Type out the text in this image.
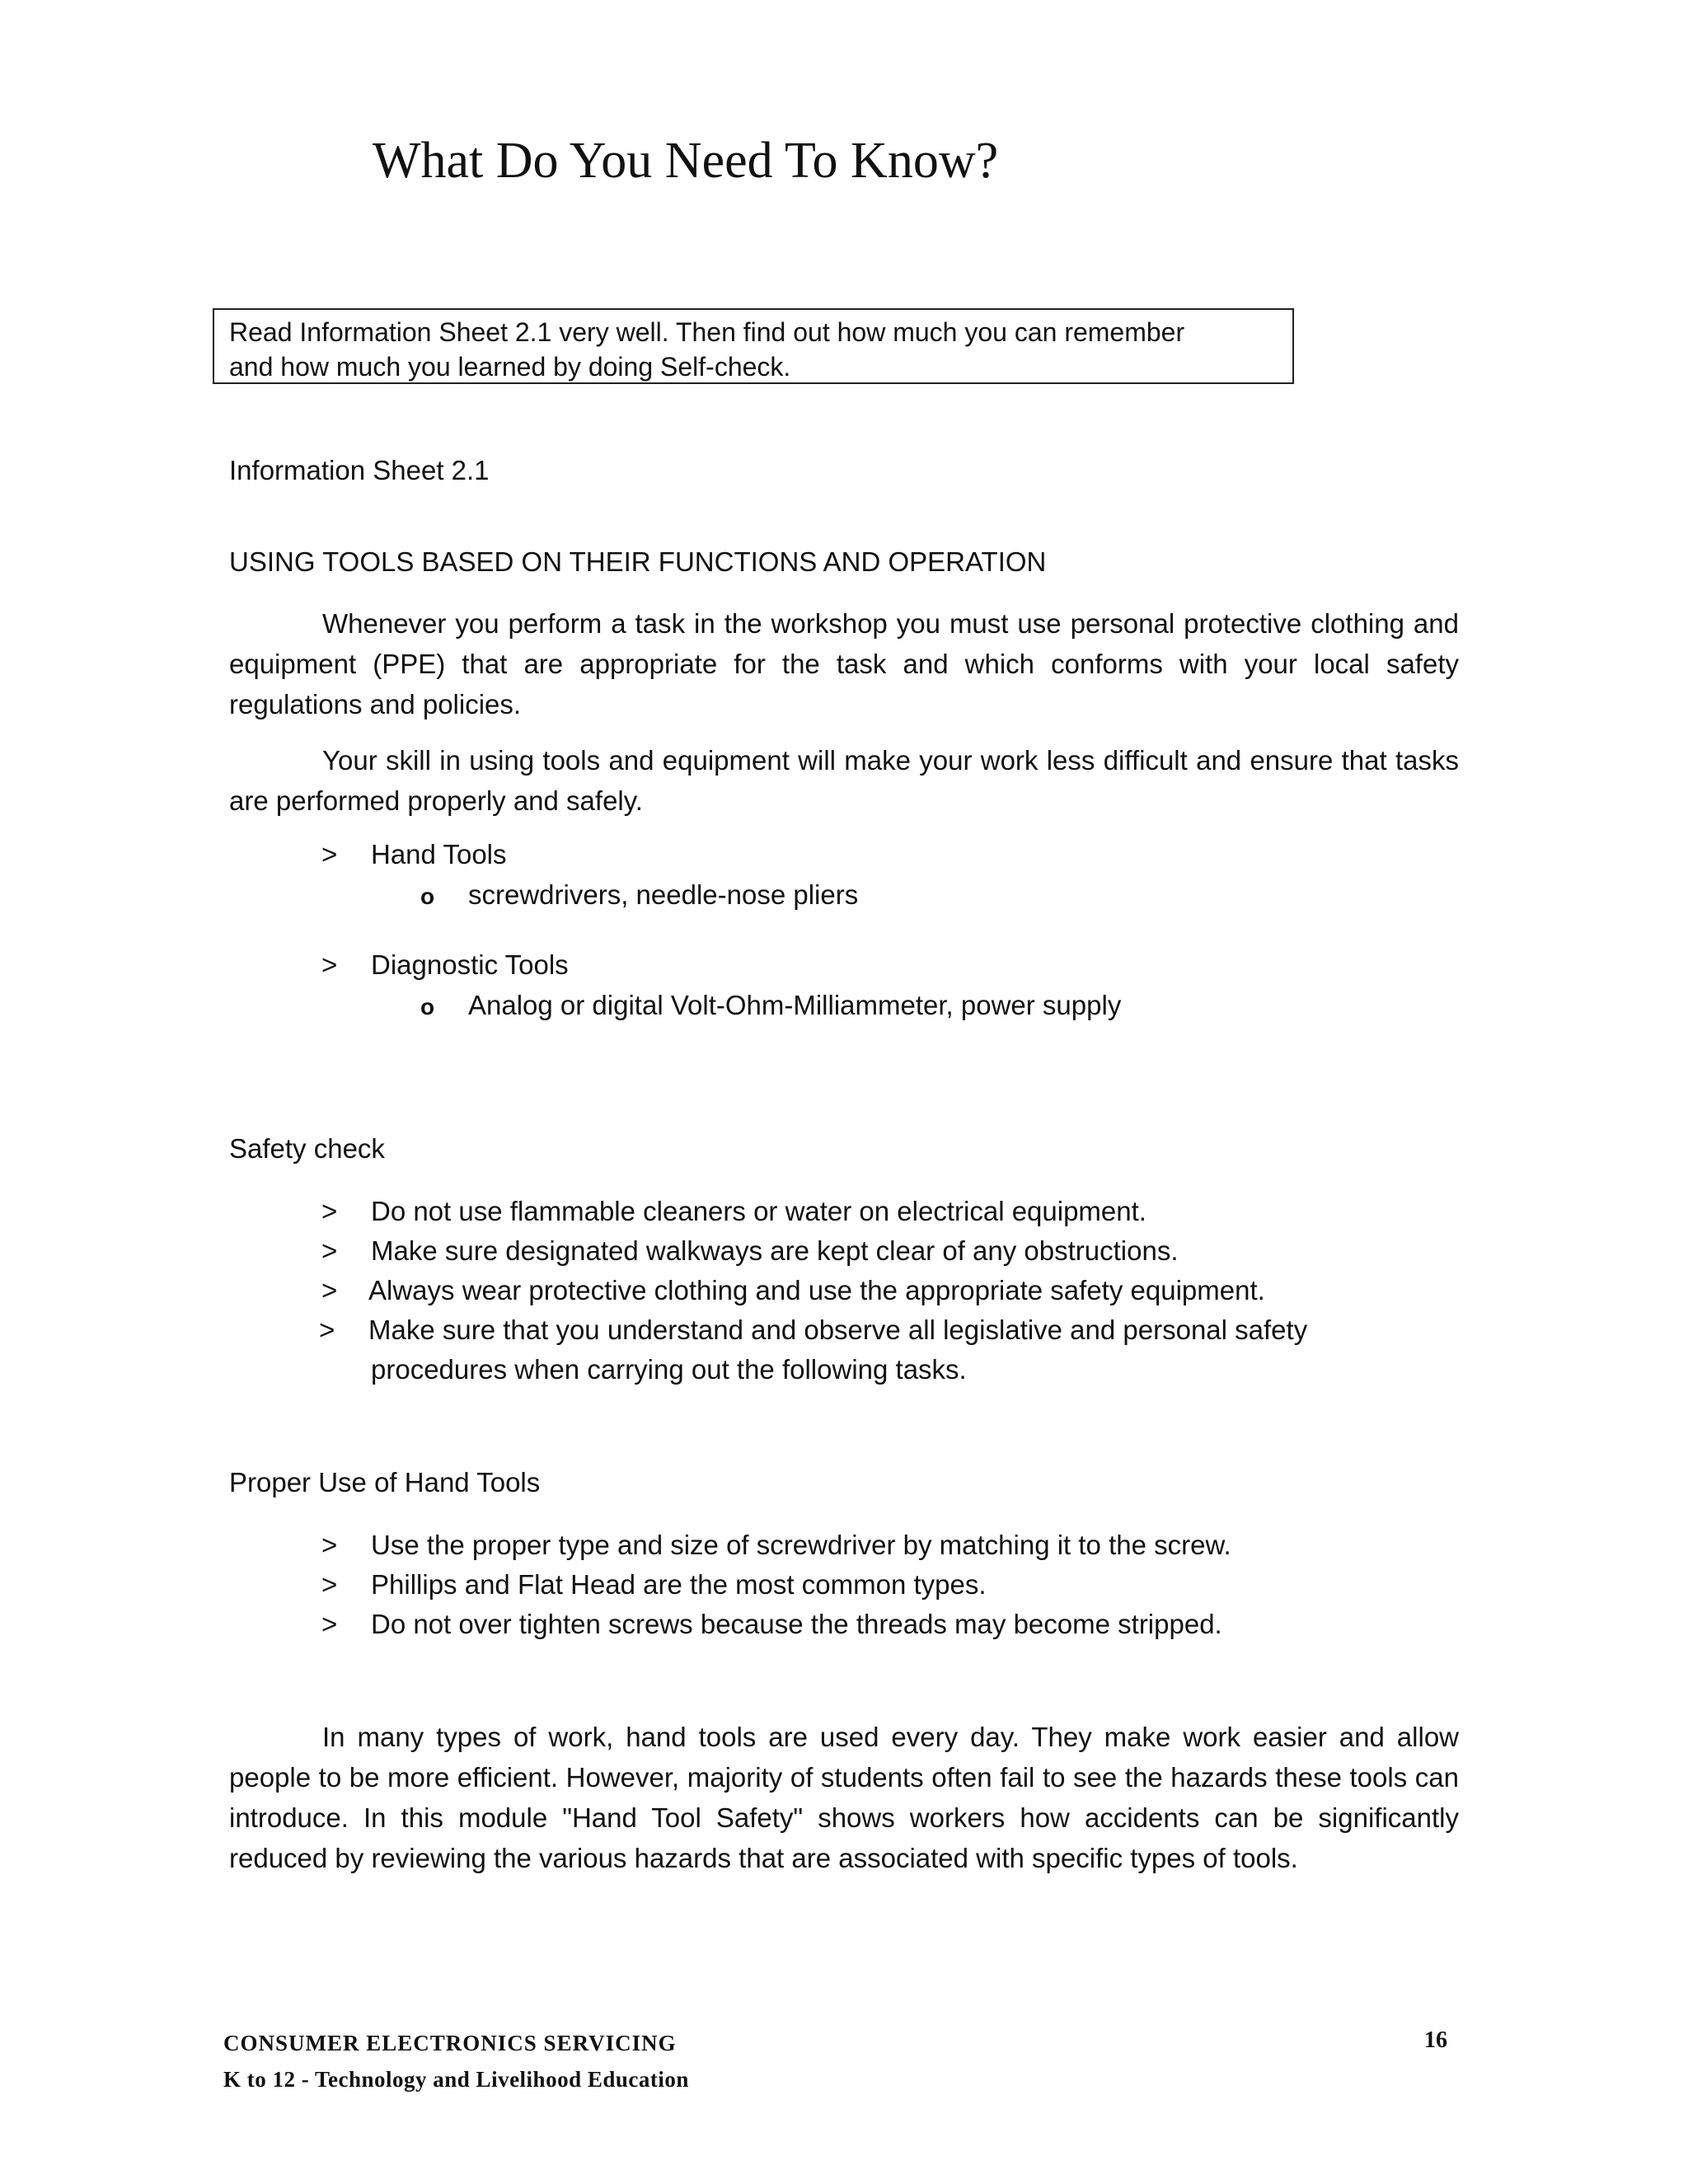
What Do You Need To Know?
Read Information Sheet 2.1 very well. Then find out how much you can remember
and how much you learned by doing Self-check.
Information Sheet 2.1
USING TOOLS BASED ON THEIR FUNCTIONS AND OPERATION
Whenever you perform a task in the workshop you must use personal protective clothing and equipment (PPE) that are appropriate for the task and which conforms with your local safety regulations and policies.
Your skill in using tools and equipment will make your work less difficult and ensure that tasks are performed properly and safely.
> Hand Tools
o screwdrivers, needle-nose pliers
> Diagnostic Tools
o Analog or digital Volt-Ohm-Milliammeter, power supply
Safety check
> Do not use flammable cleaners or water on electrical equipment.
> Make sure designated walkways are kept clear of any obstructions.
> Always wear protective clothing and use the appropriate safety equipment.
> Make sure that you understand and observe all legislative and personal safety
procedures when carrying out the following tasks.
Proper Use of Hand Tools
> Use the proper type and size of screwdriver by matching it to the screw.
> Phillips and Flat Head are the most common types.
> Do not over tighten screws because the threads may become stripped.
In many types of work, hand tools are used every day. They make work easier and allow people to be more efficient. However, majority of students often fail to see the hazards these tools can introduce. In this module "Hand Tool Safety" shows workers how accidents can be significantly reduced by reviewing the various hazards that are associated with specific types of tools.
CONSUMER ELECTRONICS SERVICING
K to 12 - Technology and Livelihood Education
16
